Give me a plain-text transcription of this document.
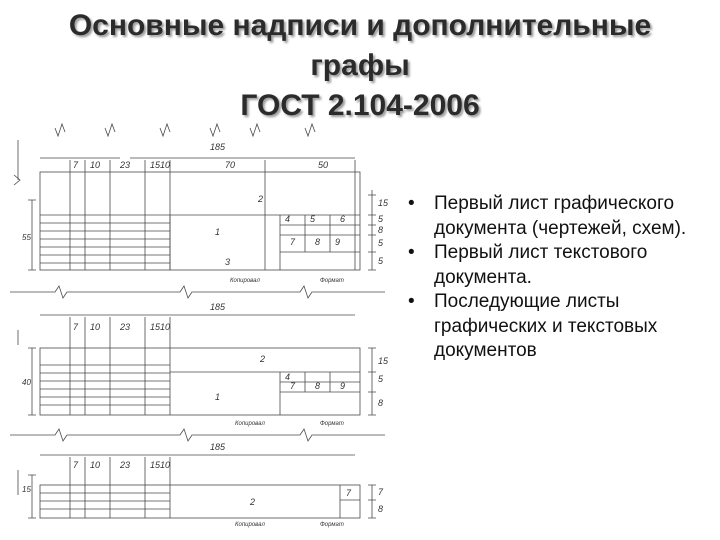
Основные надписи и дополнительные
графы
ГОСТ 2.104-2006
7 10 23 15 10	70	50
185
1
2
3
4 5	6
7 8 9
15
5
8
5
5
55
Копировал	Формат
185
7 10 23 15 10
1
2
4
7 8 9
15
5
8
40
Копировал	Формат
185
7 10 23 15 10
2
7	7
8
15
Копировал	Формат
• Первый лист графического документа (чертежей, схем).
• Первый лист текстового документа.
• Последующие листы графических и текстовых документов
